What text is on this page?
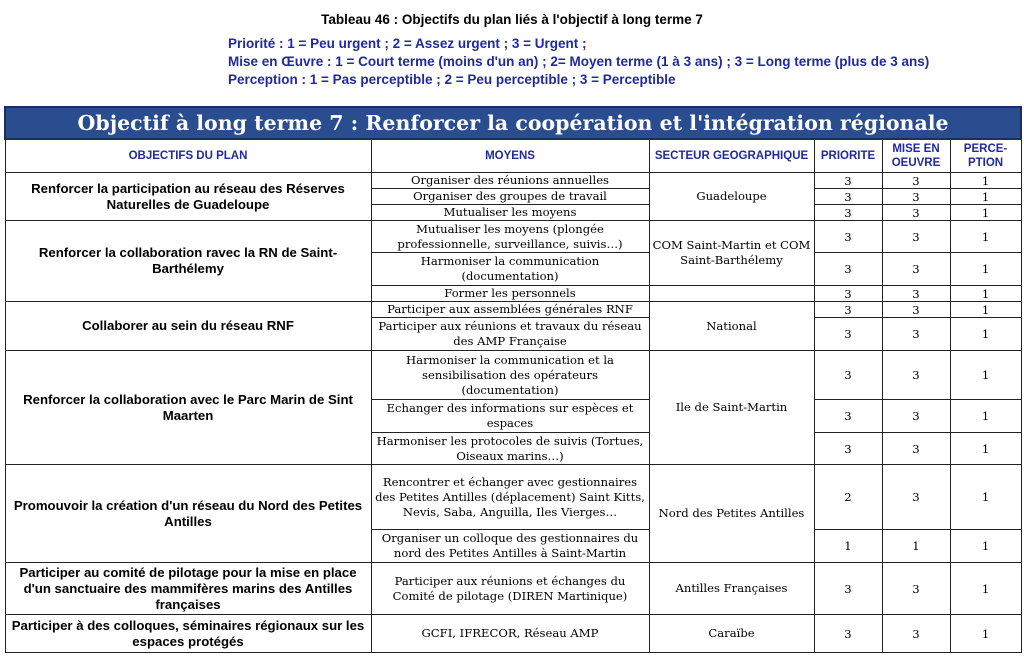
Tableau 46 : Objectifs du plan liés à l'objectif à long terme 7
Priorité : 1 = Peu urgent ; 2 = Assez urgent ; 3 = Urgent ;
Mise en Œuvre : 1 = Court terme (moins d'un an) ; 2= Moyen terme (1 à 3 ans) ; 3 = Long terme (plus de 3 ans)
Perception : 1 = Pas perceptible ; 2 = Peu perceptible ; 3 = Perceptible
Objectif à long terme 7 : Renforcer la coopération et l'intégration régionale					
OBJECTIFS DU PLAN	MOYENS	SECTEUR GEOGRAPHIQUE	PRIORITE	MISE EN OEUVRE	PERCE-PTION
Renforcer la participation au réseau des Réserves Naturelles de Guadeloupe	Organiser des réunions annuelles	Guadeloupe	3	3	1
	Organiser des groupes de travail		3	3	1
	Mutualiser les moyens		3	3	1
Renforcer la collaboration ravec la RN de Saint-Barthélemy	Mutualiser les moyens (plongée professionnelle, surveillance, suivis…)	COM Saint-Martin et COM Saint-Barthélemy	3	3	1
	Harmoniser la communication (documentation)		3	3	1
	Former les personnels		3	3	1
Collaborer au sein du réseau RNF	Participer aux assemblées générales RNF	National	3	3	1
	Participer aux réunions et travaux du réseau des AMP Française		3	3	1
Renforcer la collaboration avec le Parc Marin de Sint Maarten	Harmoniser la communication et la sensibilisation des opérateurs (documentation)	Ile de Saint-Martin	3	3	1
	Echanger des informations sur espèces et espaces		3	3	1
	Harmoniser les protocoles de suivis (Tortues, Oiseaux marins…)		3	3	1
Promouvoir la création d'un réseau du Nord des Petites Antilles	Rencontrer et échanger avec gestionnaires des Petites Antilles (déplacement) Saint Kitts, Nevis, Saba, Anguilla, Iles Vierges…	Nord des Petites Antilles	2	3	1
	Organiser un colloque des gestionnaires du nord des Petites Antilles à Saint-Martin		1	1	1
Participer au comité de pilotage pour la mise en place d'un sanctuaire des mammifères marins des Antilles françaises	Participer aux réunions et échanges du Comité de pilotage (DIREN Martinique)	Antilles Françaises	3	3	1
Participer à des colloques, séminaires régionaux sur les espaces protégés	GCFI, IFRECOR, Réseau AMP	Caraïbe	3	3	1
